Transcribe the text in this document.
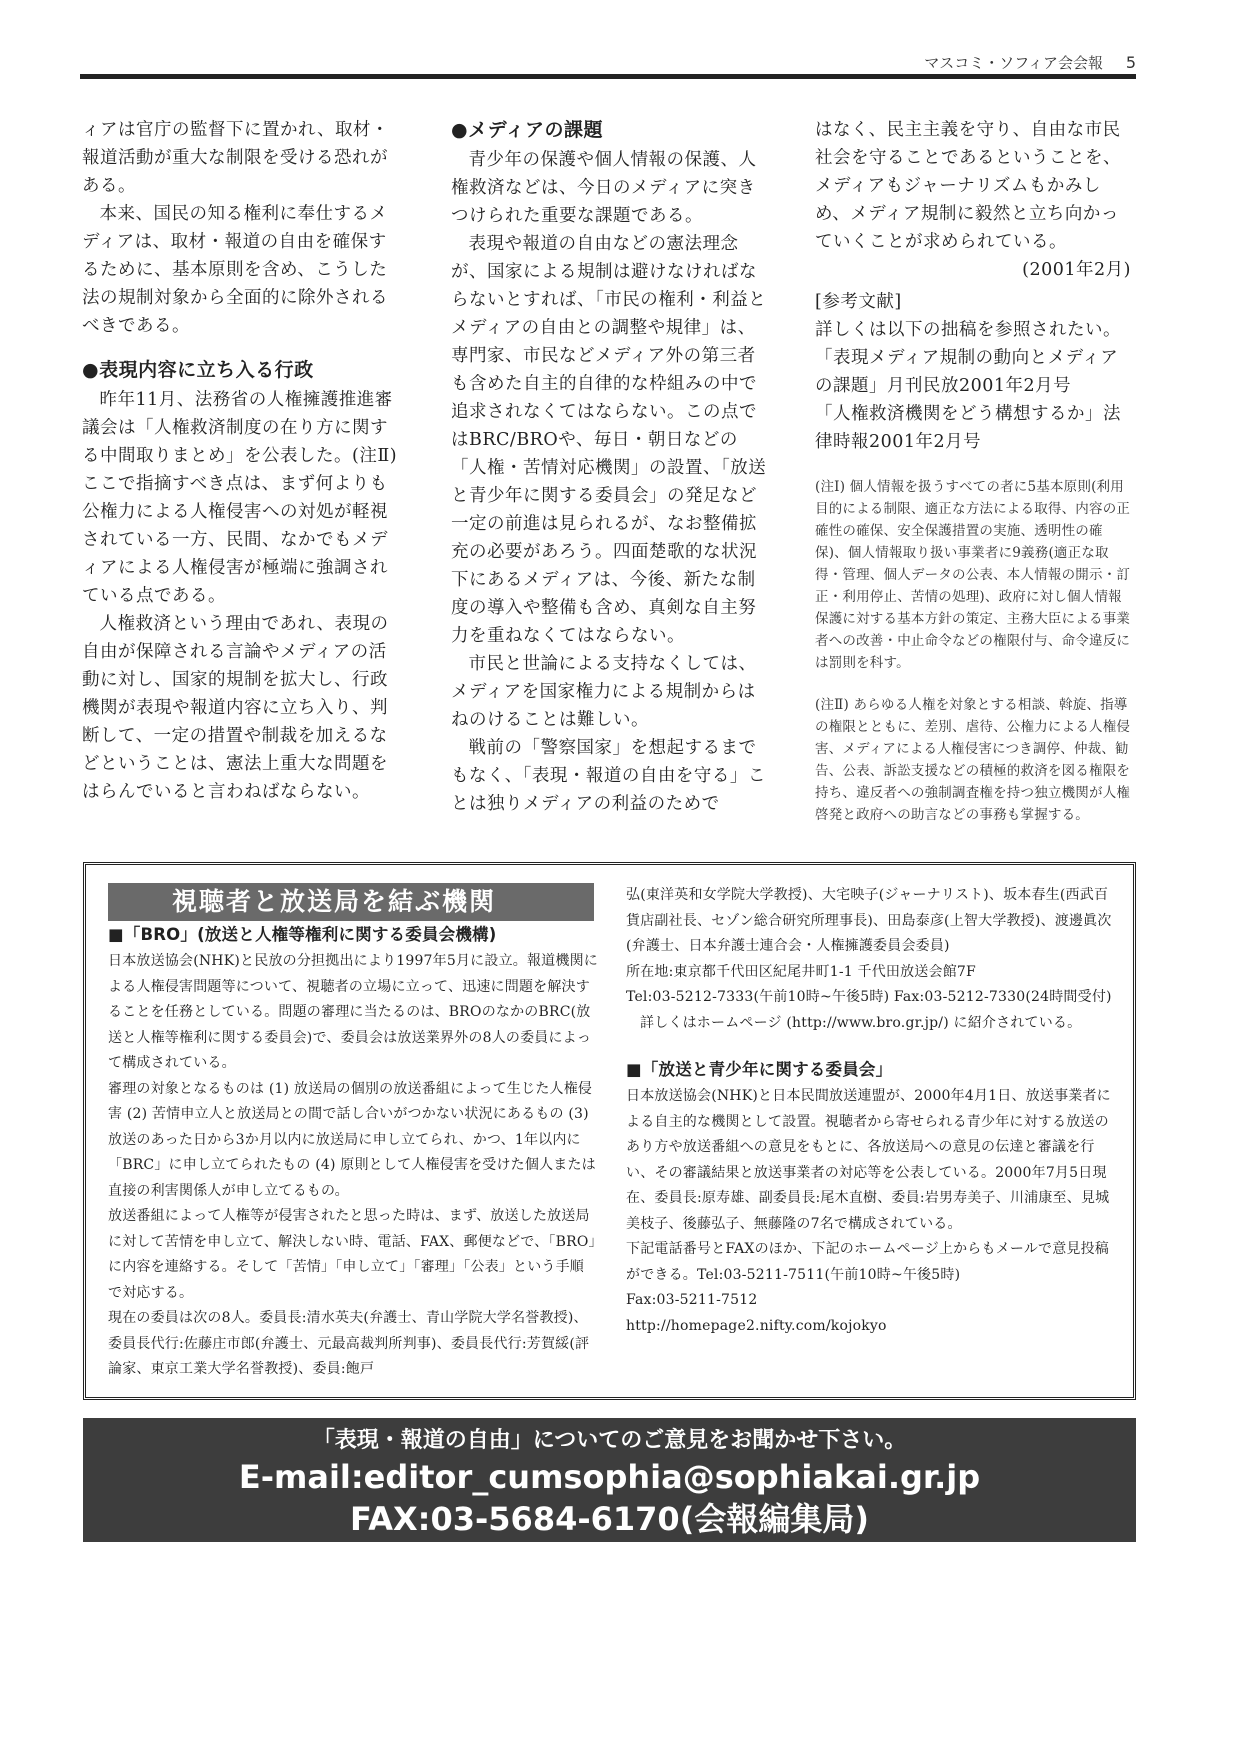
マスコミ・ソフィア会会報 5

ィアは官庁の監督下に置かれ、取材・報道活動が重大な制限を受ける恐れがある。

本来、国民の知る権利に奉仕するメディアは、取材・報道の自由を確保するために、基本原則を含め、こうした法の規制対象から全面的に除外されるべきである。

●表現内容に立ち入る行政

昨年11月、法務省の人権擁護推進審議会は「人権救済制度の在り方に関する中間取りまとめ」を公表した。(注Ⅱ) ここで指摘すべき点は、まず何よりも公権力による人権侵害への対処が軽視されている一方、民間、なかでもメディアによる人権侵害が極端に強調されている点である。

人権救済という理由であれ、表現の自由が保障される言論やメディアの活動に対し、国家的規制を拡大し、行政機関が表現や報道内容に立ち入り、判断して、一定の措置や制裁を加えるなどということは、憲法上重大な問題をはらんでいると言わねばならない。

●メディアの課題

青少年の保護や個人情報の保護、人権救済などは、今日のメディアに突きつけられた重要な課題である。

表現や報道の自由などの憲法理念が、国家による規制は避けなければならないとすれば、「市民の権利・利益とメディアの自由との調整や規律」は、専門家、市民などメディア外の第三者も含めた自主的自律的な枠組みの中で追求されなくてはならない。この点ではBRC/BROや、毎日・朝日などの「人権・苦情対応機関」の設置、「放送と青少年に関する委員会」の発足など一定の前進は見られるが、なお整備拡充の必要があろう。四面楚歌的な状況下にあるメディアは、今後、新たな制度の導入や整備も含め、真剣な自主努力を重ねなくてはならない。

市民と世論による支持なくしては、メディアを国家権力による規制からはねのけることは難しい。

戦前の「警察国家」を想起するまでもなく、「表現・報道の自由を守る」ことは独りメディアの利益のためで

はなく、民主主義を守り、自由な市民社会を守ることであるということを、メディアもジャーナリズムもかみしめ、メディア規制に毅然と立ち向かっていくことが求められている。

(2001年2月)

[参考文献]

詳しくは以下の拙稿を参照されたい。

「表現メディア規制の動向とメディアの課題」月刊民放2001年2月号

「人権救済機関をどう構想するか」法律時報2001年2月号

(注Ⅰ) 個人情報を扱うすべての者に5基本原則(利用目的による制限、適正な方法による取得、内容の正確性の確保、安全保護措置の実施、透明性の確保)、個人情報取り扱い事業者に9義務(適正な取得・管理、個人データの公表、本人情報の開示・訂正・利用停止、苦情の処理)、政府に対し個人情報保護に対する基本方針の策定、主務大臣による事業者への改善・中止命令などの権限付与、命令違反には罰則を科す。

(注Ⅱ) あらゆる人権を対象とする相談、斡旋、指導の権限とともに、差別、虐待、公権力による人権侵害、メディアによる人権侵害につき調停、仲裁、勧告、公表、訴訟支援などの積極的救済を図る権限を持ち、違反者への強制調査権を持つ独立機関が人権啓発と政府への助言などの事務も掌握する。

視聴者と放送局を結ぶ機関

■「BRO」(放送と人権等権利に関する委員会機構)

日本放送協会(NHK)と民放の分担拠出により1997年5月に設立。報道機関による人権侵害問題等について、視聴者の立場に立って、迅速に問題を解決することを任務としている。問題の審理に当たるのは、BROのなかのBRC(放送と人権等権利に関する委員会)で、委員会は放送業界外の8人の委員によって構成されている。

審理の対象となるものは (1) 放送局の個別の放送番組によって生じた人権侵害 (2) 苦情申立人と放送局との間で話し合いがつかない状況にあるもの (3) 放送のあった日から3か月以内に放送局に申し立てられ、かつ、1年以内に「BRC」に申し立てられたもの (4) 原則として人権侵害を受けた個人または直接の利害関係人が申し立てるもの。

放送番組によって人権等が侵害されたと思った時は、まず、放送した放送局に対して苦情を申し立て、解決しない時、電話、FAX、郵便などで、「BRO」に内容を連絡する。そして「苦情」「申し立て」「審理」「公表」という手順で対応する。

現在の委員は次の8人。委員長:清水英夫(弁護士、青山学院大学名誉教授)、委員長代行:佐藤庄市郎(弁護士、元最高裁判所判事)、委員長代行:芳賀綏(評論家、東京工業大学名誉教授)、委員:飽戸

弘(東洋英和女学院大学教授)、大宅映子(ジャーナリスト)、坂本春生(西武百貨店副社長、セゾン総合研究所理事長)、田島泰彦(上智大学教授)、渡邊眞次(弁護士、日本弁護士連合会・人権擁護委員会委員)

所在地:東京都千代田区紀尾井町1-1 千代田放送会館7F

Tel:03-5212-7333(午前10時~午後5時) Fax:03-5212-7330(24時間受付)

詳しくはホームページ (http://www.bro.gr.jp/) に紹介されている。

■「放送と青少年に関する委員会」

日本放送協会(NHK)と日本民間放送連盟が、2000年4月1日、放送事業者による自主的な機関として設置。視聴者から寄せられる青少年に対する放送のあり方や放送番組への意見をもとに、各放送局への意見の伝達と審議を行い、その審議結果と放送事業者の対応等を公表している。2000年7月5日現在、委員長:原寿雄、副委員長:尾木直樹、委員:岩男寿美子、川浦康至、見城美枝子、後藤弘子、無藤隆の7名で構成されている。

下記電話番号とFAXのほか、下記のホームページ上からもメールで意見投稿ができる。Tel:03-5211-7511(午前10時~午後5時)

Fax:03-5211-7512

http://homepage2.nifty.com/kojokyo

「表現・報道の自由」についてのご意見をお聞かせ下さい。
E-mail:editor_cumsophia@sophiakai.gr.jp
FAX:03-5684-6170(会報編集局)
